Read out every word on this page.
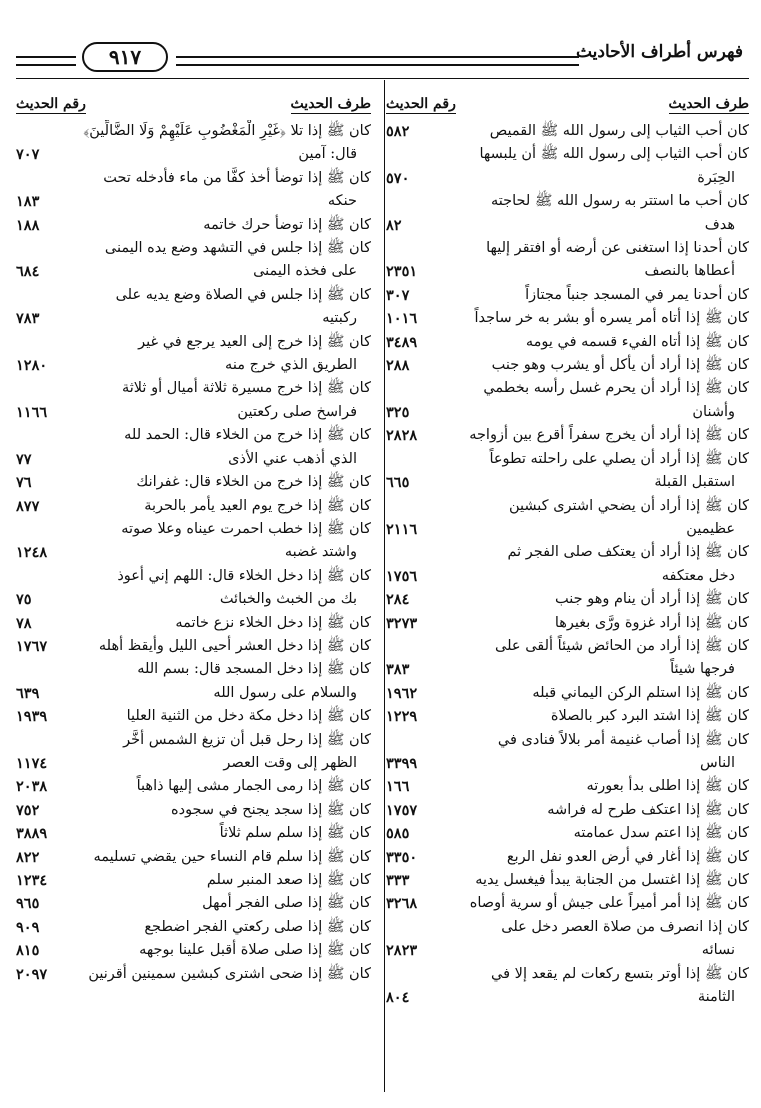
فهرس أطراف الأحاديث
٩١٧
طرف الحديث
رقم الحديث
كان أحب الثياب إلى رسول الله ﷺ القميص
٥٨٢
كان أحب الثياب إلى رسول الله ﷺ أن يلبسها
الحِبَرة
٥٧٠
كان أحب ما استتر به رسول الله ﷺ لحاجته
هدف
٨٢
كان أحدنا إذا استغنى عن أرضه أو افتقر إليها
أعطاها بالنصف
٢٣٥١
كان أحدنا يمر في المسجد جنباً مجتازاً
٣٠٧
كان ﷺ إذا أتاه أمر يسره أو بشر به خر ساجداً
١٠١٦
كان ﷺ إذا أتاه الفيء قسمه في يومه
٣٤٨٩
كان ﷺ إذا أراد أن يأكل أو يشرب وهو جنب
٢٨٨
كان ﷺ إذا أراد أن يحرم غسل رأسه بخطمي
وأشنان
٣٢٥
كان ﷺ إذا أراد أن يخرج سفراً أقرع بين أزواجه
٢٨٢٨
كان ﷺ إذا أراد أن يصلي على راحلته تطوعاً
استقبل القبلة
٦٦٥
كان ﷺ إذا أراد أن يضحي اشترى كبشين
عظيمين
٢١١٦
كان ﷺ إذا أراد أن يعتكف صلى الفجر ثم
دخل معتكفه
١٧٥٦
كان ﷺ إذا أراد أن ينام وهو جنب
٢٨٤
كان ﷺ إذا أراد غزوة ورَّى بغيرها
٣٢٧٣
كان ﷺ إذا أراد من الحائض شيئاً ألقى على
فرجها شيئاً
٣٨٣
كان ﷺ إذا استلم الركن اليماني قبله
١٩٦٢
كان ﷺ إذا اشتد البرد كبر بالصلاة
١٢٢٩
كان ﷺ إذا أصاب غنيمة أمر بلالاً فنادى في
الناس
٣٣٩٩
كان ﷺ إذا اطلى بدأ بعورته
١٦٦
كان ﷺ إذا اعتكف طرح له فراشه
١٧٥٧
كان ﷺ إذا اعتم سدل عمامته
٥٨٥
كان ﷺ إذا أغار في أرض العدو نفل الربع
٣٣٥٠
كان ﷺ إذا اغتسل من الجنابة يبدأ فيغسل يديه
٣٣٣
كان ﷺ إذا أمر أميراً على جيش أو سرية أوصاه
٣٢٦٨
كان إذا انصرف من صلاة العصر دخل على
نسائه
٢٨٢٣
كان ﷺ إذا أوتر بتسع ركعات لم يقعد إلا في
الثامنة
٨٠٤
طرف الحديث
رقم الحديث
كان ﷺ إذا تلا ﴿غَيْرِ الْمَغْضُوبِ عَلَيْهِمْ وَلَا الضَّالِّينَ﴾
قال: آمين
٧٠٧
كان ﷺ إذا توضأ أخذ كفًّا من ماء فأدخله تحت
حنكه
١٨٣
كان ﷺ إذا توضأ حرك خاتمه
١٨٨
كان ﷺ إذا جلس في التشهد وضع يده اليمنى
على فخذه اليمنى
٦٨٤
كان ﷺ إذا جلس في الصلاة وضع يديه على
ركبتيه
٧٨٣
كان ﷺ إذا خرج إلى العيد يرجع في غير
الطريق الذي خرج منه
١٢٨٠
كان ﷺ إذا خرج مسيرة ثلاثة أميال أو ثلاثة
فراسخ صلى ركعتين
١١٦٦
كان ﷺ إذا خرج من الخلاء قال: الحمد لله
الذي أذهب عني الأذى
٧٧
كان ﷺ إذا خرج من الخلاء قال: غفرانك
٧٦
كان ﷺ إذا خرج يوم العيد يأمر بالحربة
٨٧٧
كان ﷺ إذا خطب احمرت عيناه وعلا صوته
واشتد غضبه
١٢٤٨
كان ﷺ إذا دخل الخلاء قال: اللهم إني أعوذ
بك من الخبث والخبائث
٧٥
كان ﷺ إذا دخل الخلاء نزع خاتمه
٧٨
كان ﷺ إذا دخل العشر أحيى الليل وأيقظ أهله
١٧٦٧
كان ﷺ إذا دخل المسجد قال: بسم الله
والسلام على رسول الله
٦٣٩
كان ﷺ إذا دخل مكة دخل من الثنية العليا
١٩٣٩
كان ﷺ إذا رحل قبل أن تزيغ الشمس أخَّر
الظهر إلى وقت العصر
١١٧٤
كان ﷺ إذا رمى الجمار مشى إليها ذاهباً
٢٠٣٨
كان ﷺ إذا سجد يجنح في سجوده
٧٥٢
كان ﷺ إذا سلم سلم ثلاثاً
٣٨٨٩
كان ﷺ إذا سلم قام النساء حين يقضي تسليمه
٨٢٢
كان ﷺ إذا صعد المنبر سلم
١٢٣٤
كان ﷺ إذا صلى الفجر أمهل
٩٦٥
كان ﷺ إذا صلى ركعتي الفجر اضطجع
٩٠٩
كان ﷺ إذا صلى صلاة أقبل علينا بوجهه
٨١٥
كان ﷺ إذا ضحى اشترى كبشين سمينين أقرنين
٢٠٩٧
